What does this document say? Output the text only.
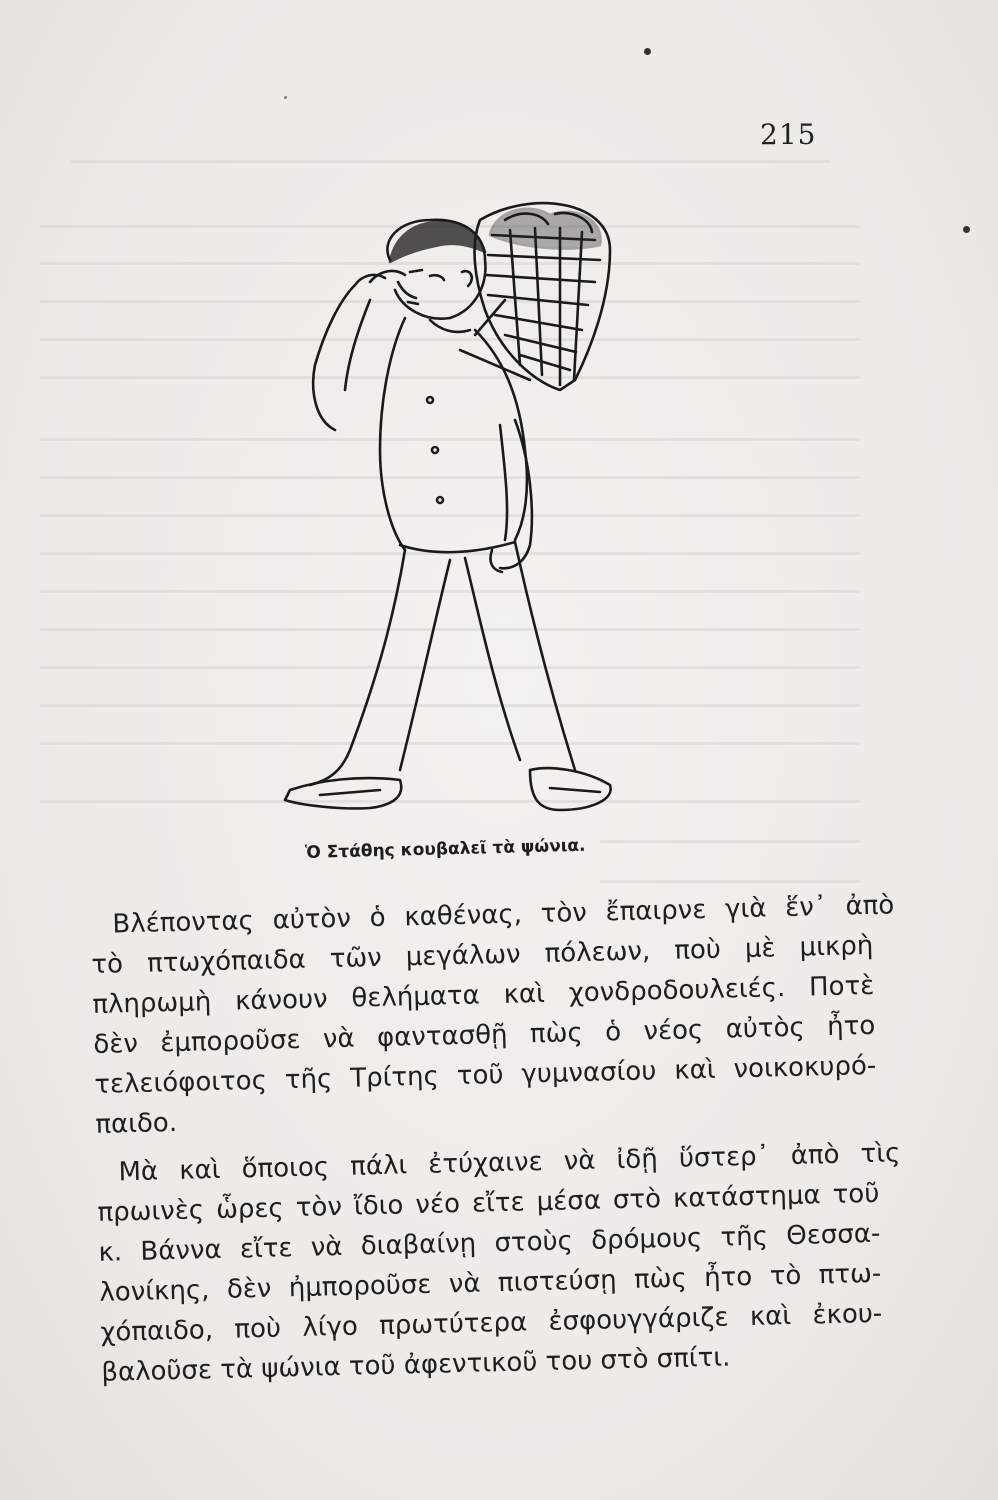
215
Ὁ Στάθης κουβαλεῖ τὰ ψώνια.
Βλέποντας αὐτὸν ὁ καθένας, τὸν ἔπαιρνε γιὰ ἕν᾽ ἀπὸ
τὸ πτωχόπαιδα τῶν μεγάλων πόλεων, ποὺ μὲ μικρὴ
πληρωμὴ κάνουν θελήματα καὶ χονδροδουλειές. Ποτὲ
δὲν ἐμποροῦσε νὰ φαντασθῇ πὼς ὁ νέος αὐτὸς ἦτο
τελειόφοιτος τῆς Τρίτης τοῦ γυμνασίου καὶ νοικοκυρό-
παιδο.
Μὰ καὶ ὅποιος πάλι ἐτύχαινε νὰ ἰδῇ ὕστερ᾽ ἀπὸ τὶς
πρωινὲς ὧρες τὸν ἴδιο νέο εἴτε μέσα στὸ κατάστημα τοῦ
κ. Βάννα εἴτε νὰ διαβαίνῃ στοὺς δρόμους τῆς Θεσσα-
λονίκης, δὲν ἠμποροῦσε νὰ πιστεύσῃ πὼς ἦτο τὸ πτω-
χόπαιδο, ποὺ λίγο πρωτύτερα ἐσφουγγάριζε καὶ ἐκου-
βαλοῦσε τὰ ψώνια τοῦ ἀφεντικοῦ του στὸ σπίτι.
